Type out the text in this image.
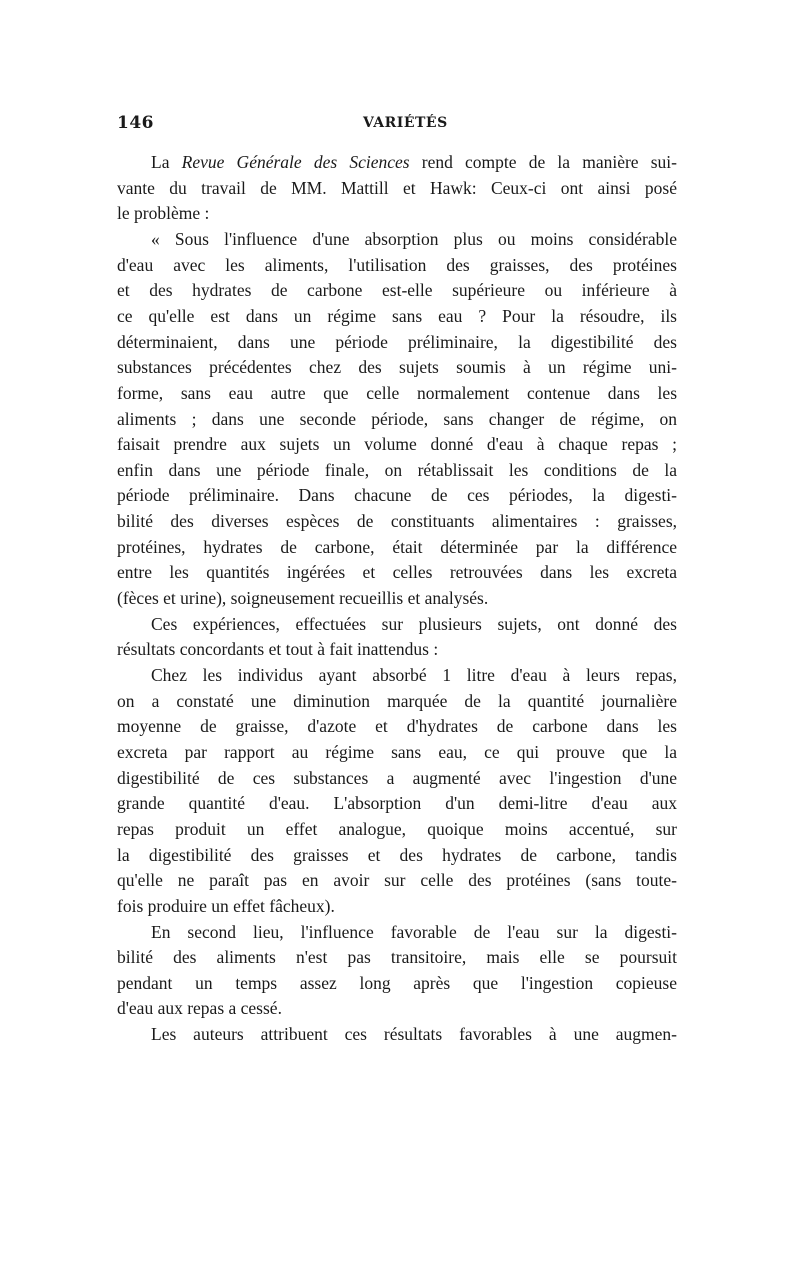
146	VARIÉTÉS
La Revue Générale des Sciences rend compte de la manière sui-
vante du travail de MM. Mattill et Hawk: Ceux-ci ont ainsi posé
le problème :
« Sous l'influence d'une absorption plus ou moins considérable
d'eau avec les aliments, l'utilisation des graisses, des protéines
et des hydrates de carbone est-elle supérieure ou inférieure à
ce qu'elle est dans un régime sans eau ? Pour la résoudre, ils
déterminaient, dans une période préliminaire, la digestibilité des
substances précédentes chez des sujets soumis à un régime uni-
forme, sans eau autre que celle normalement contenue dans les
aliments ; dans une seconde période, sans changer de régime, on
faisait prendre aux sujets un volume donné d'eau à chaque repas ;
enfin dans une période finale, on rétablissait les conditions de la
période préliminaire. Dans chacune de ces périodes, la digesti-
bilité des diverses espèces de constituants alimentaires : graisses,
protéines, hydrates de carbone, était déterminée par la différence
entre les quantités ingérées et celles retrouvées dans les excreta
(fèces et urine), soigneusement recueillis et analysés.
Ces expériences, effectuées sur plusieurs sujets, ont donné des
résultats concordants et tout à fait inattendus :
Chez les individus ayant absorbé 1 litre d'eau à leurs repas,
on a constaté une diminution marquée de la quantité journalière
moyenne de graisse, d'azote et d'hydrates de carbone dans les
excreta par rapport au régime sans eau, ce qui prouve que la
digestibilité de ces substances a augmenté avec l'ingestion d'une
grande quantité d'eau. L'absorption d'un demi-litre d'eau aux
repas produit un effet analogue, quoique moins accentué, sur
la digestibilité des graisses et des hydrates de carbone, tandis
qu'elle ne paraît pas en avoir sur celle des protéines (sans toute-
fois produire un effet fâcheux).
En second lieu, l'influence favorable de l'eau sur la digesti-
bilité des aliments n'est pas transitoire, mais elle se poursuit
pendant un temps assez long après que l'ingestion copieuse
d'eau aux repas a cessé.
Les auteurs attribuent ces résultats favorables à une augmen-
